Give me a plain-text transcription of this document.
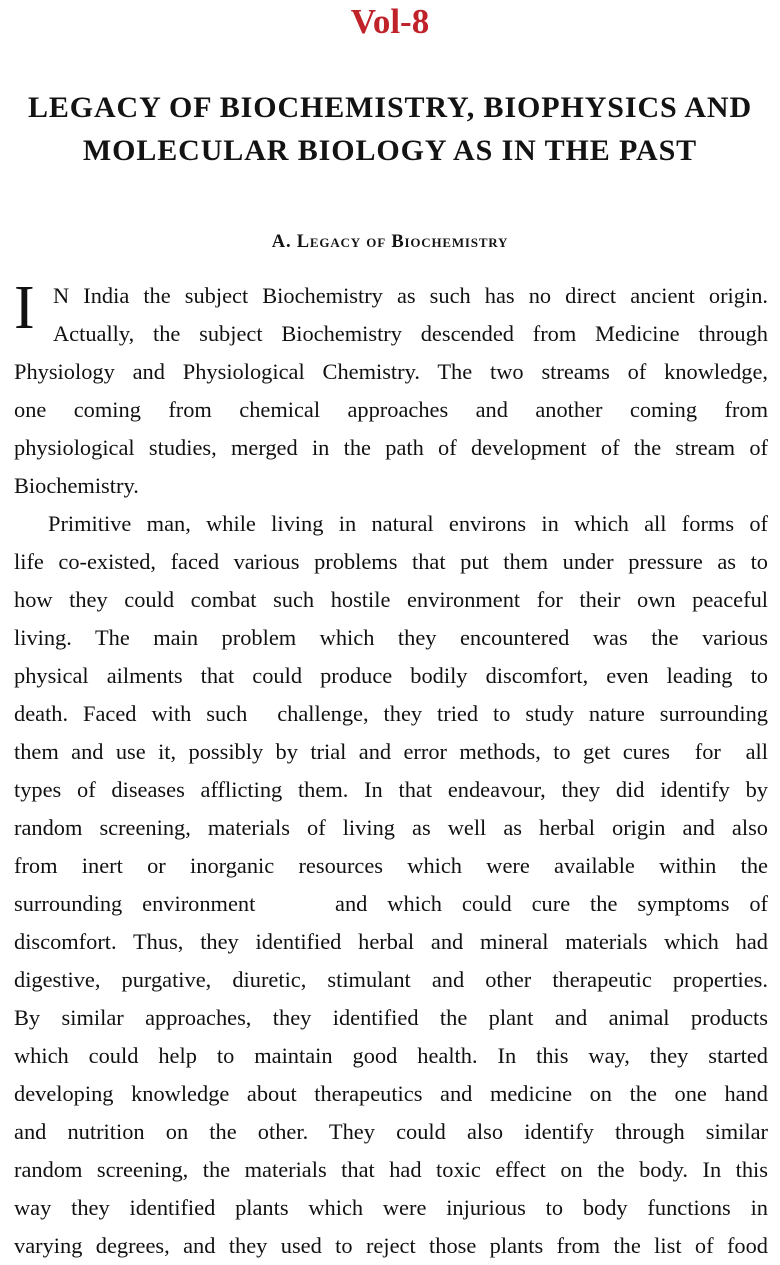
Vol-8
LEGACY OF BIOCHEMISTRY, BIOPHYSICS AND
MOLECULAR BIOLOGY AS IN THE PAST
A. Legacy of Biochemistry
I N India the subject Biochemistry as such has no direct ancient origin.
Actually, the subject Biochemistry descended from Medicine through
Physiology and Physiological Chemistry. The two streams of knowledge,
one coming from chemical approaches and another coming from
physiological studies, merged in the path of development of the stream of
Biochemistry.
Primitive man, while living in natural environs in which all forms of
life co-existed, faced various problems that put them under pressure as to
how they could combat such hostile environment for their own peaceful
living. The main problem which they encountered was the various
physical ailments that could produce bodily discomfort, even leading to
death. Faced with such  challenge, they tried to study nature surrounding
them and use it, possibly by trial and error methods, to get cures  for  all
types of diseases afflicting them. In that endeavour, they did identify by
random screening, materials of living as well as herbal origin and also
from inert or inorganic resources which were available within the
surrounding environment    and which could cure the symptoms of
discomfort. Thus, they identified herbal and mineral materials which had
digestive, purgative, diuretic, stimulant and other therapeutic properties.
By similar approaches, they identified the plant and animal products
which could help to maintain good health. In this way, they started
developing knowledge about therapeutics and medicine on the one hand
and nutrition on the other. They could also identify through similar
random screening, the materials that had toxic effect on the body. In this
way they identified plants which were injurious to body functions in
varying degrees, and they used to reject those plants from the list of food
